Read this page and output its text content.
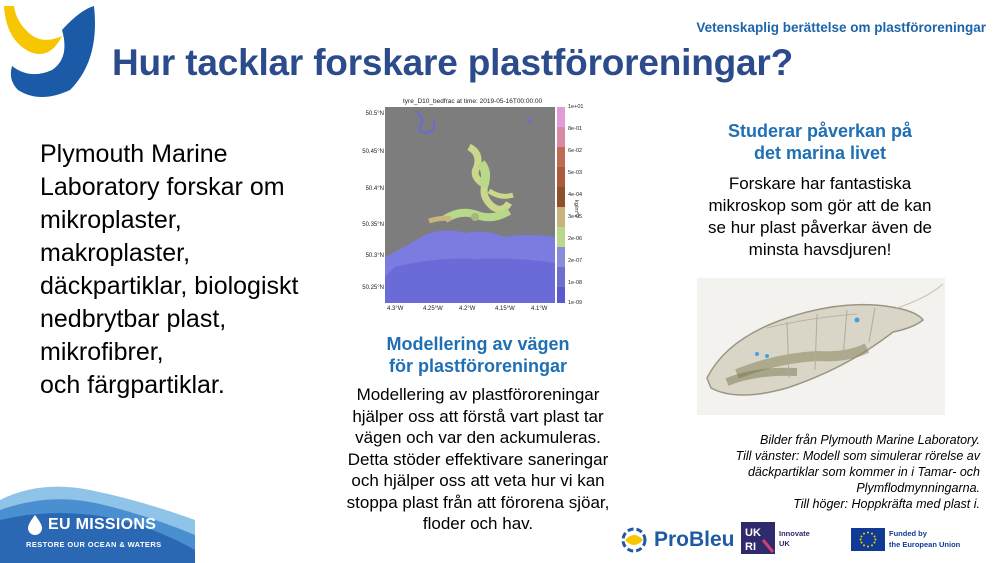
Vetenskaplig berättelse om plastföroreningar
Hur tacklar forskare plastföroreningar?
Plymouth Marine
Laboratory forskar om
mikroplaster,
makroplaster,
däckpartiklar, biologiskt
nedbrytbar plast,
mikrofibrer,
och färgpartiklar.
tyre_D10_bedfrac at time: 2019-05-16T00:00:00
50.5°N
50.45°N
50.4°N
50.35°N
50.3°N
50.25°N
4.3°W	4.25°W	4.2°W	4.15°W	4.1°W
1e+01
8e-01
6e-02
5e-03
4e-04
3e-05
2e-06
2e-07
1e-08
1e-09
kg/m^2
Modellering av vägen
för plastföroreningar
Modellering av plastföroreningar
hjälper oss att förstå vart plast tar
vägen och var den ackumuleras.
Detta stöder effektivare saneringar
och hjälper oss att veta hur vi kan
stoppa plast från att förorena sjöar,
floder och hav.
Studerar påverkan på
det marina livet
Forskare har fantastiska
mikroskop som gör att de kan
se hur plast påverkar även de
minsta havsdjuren!
Bilder från Plymouth Marine Laboratory.
Till vänster: Modell som simulerar rörelse av
däckpartiklar som kommer in i Tamar- och
Plymflodmynningarna.
Till höger: Hoppkräfta med plast i.
EU MISSIONS
RESTORE OUR OCEAN & WATERS	ProBleu UK
RI
Innovate
UK
Funded by
the European Union
